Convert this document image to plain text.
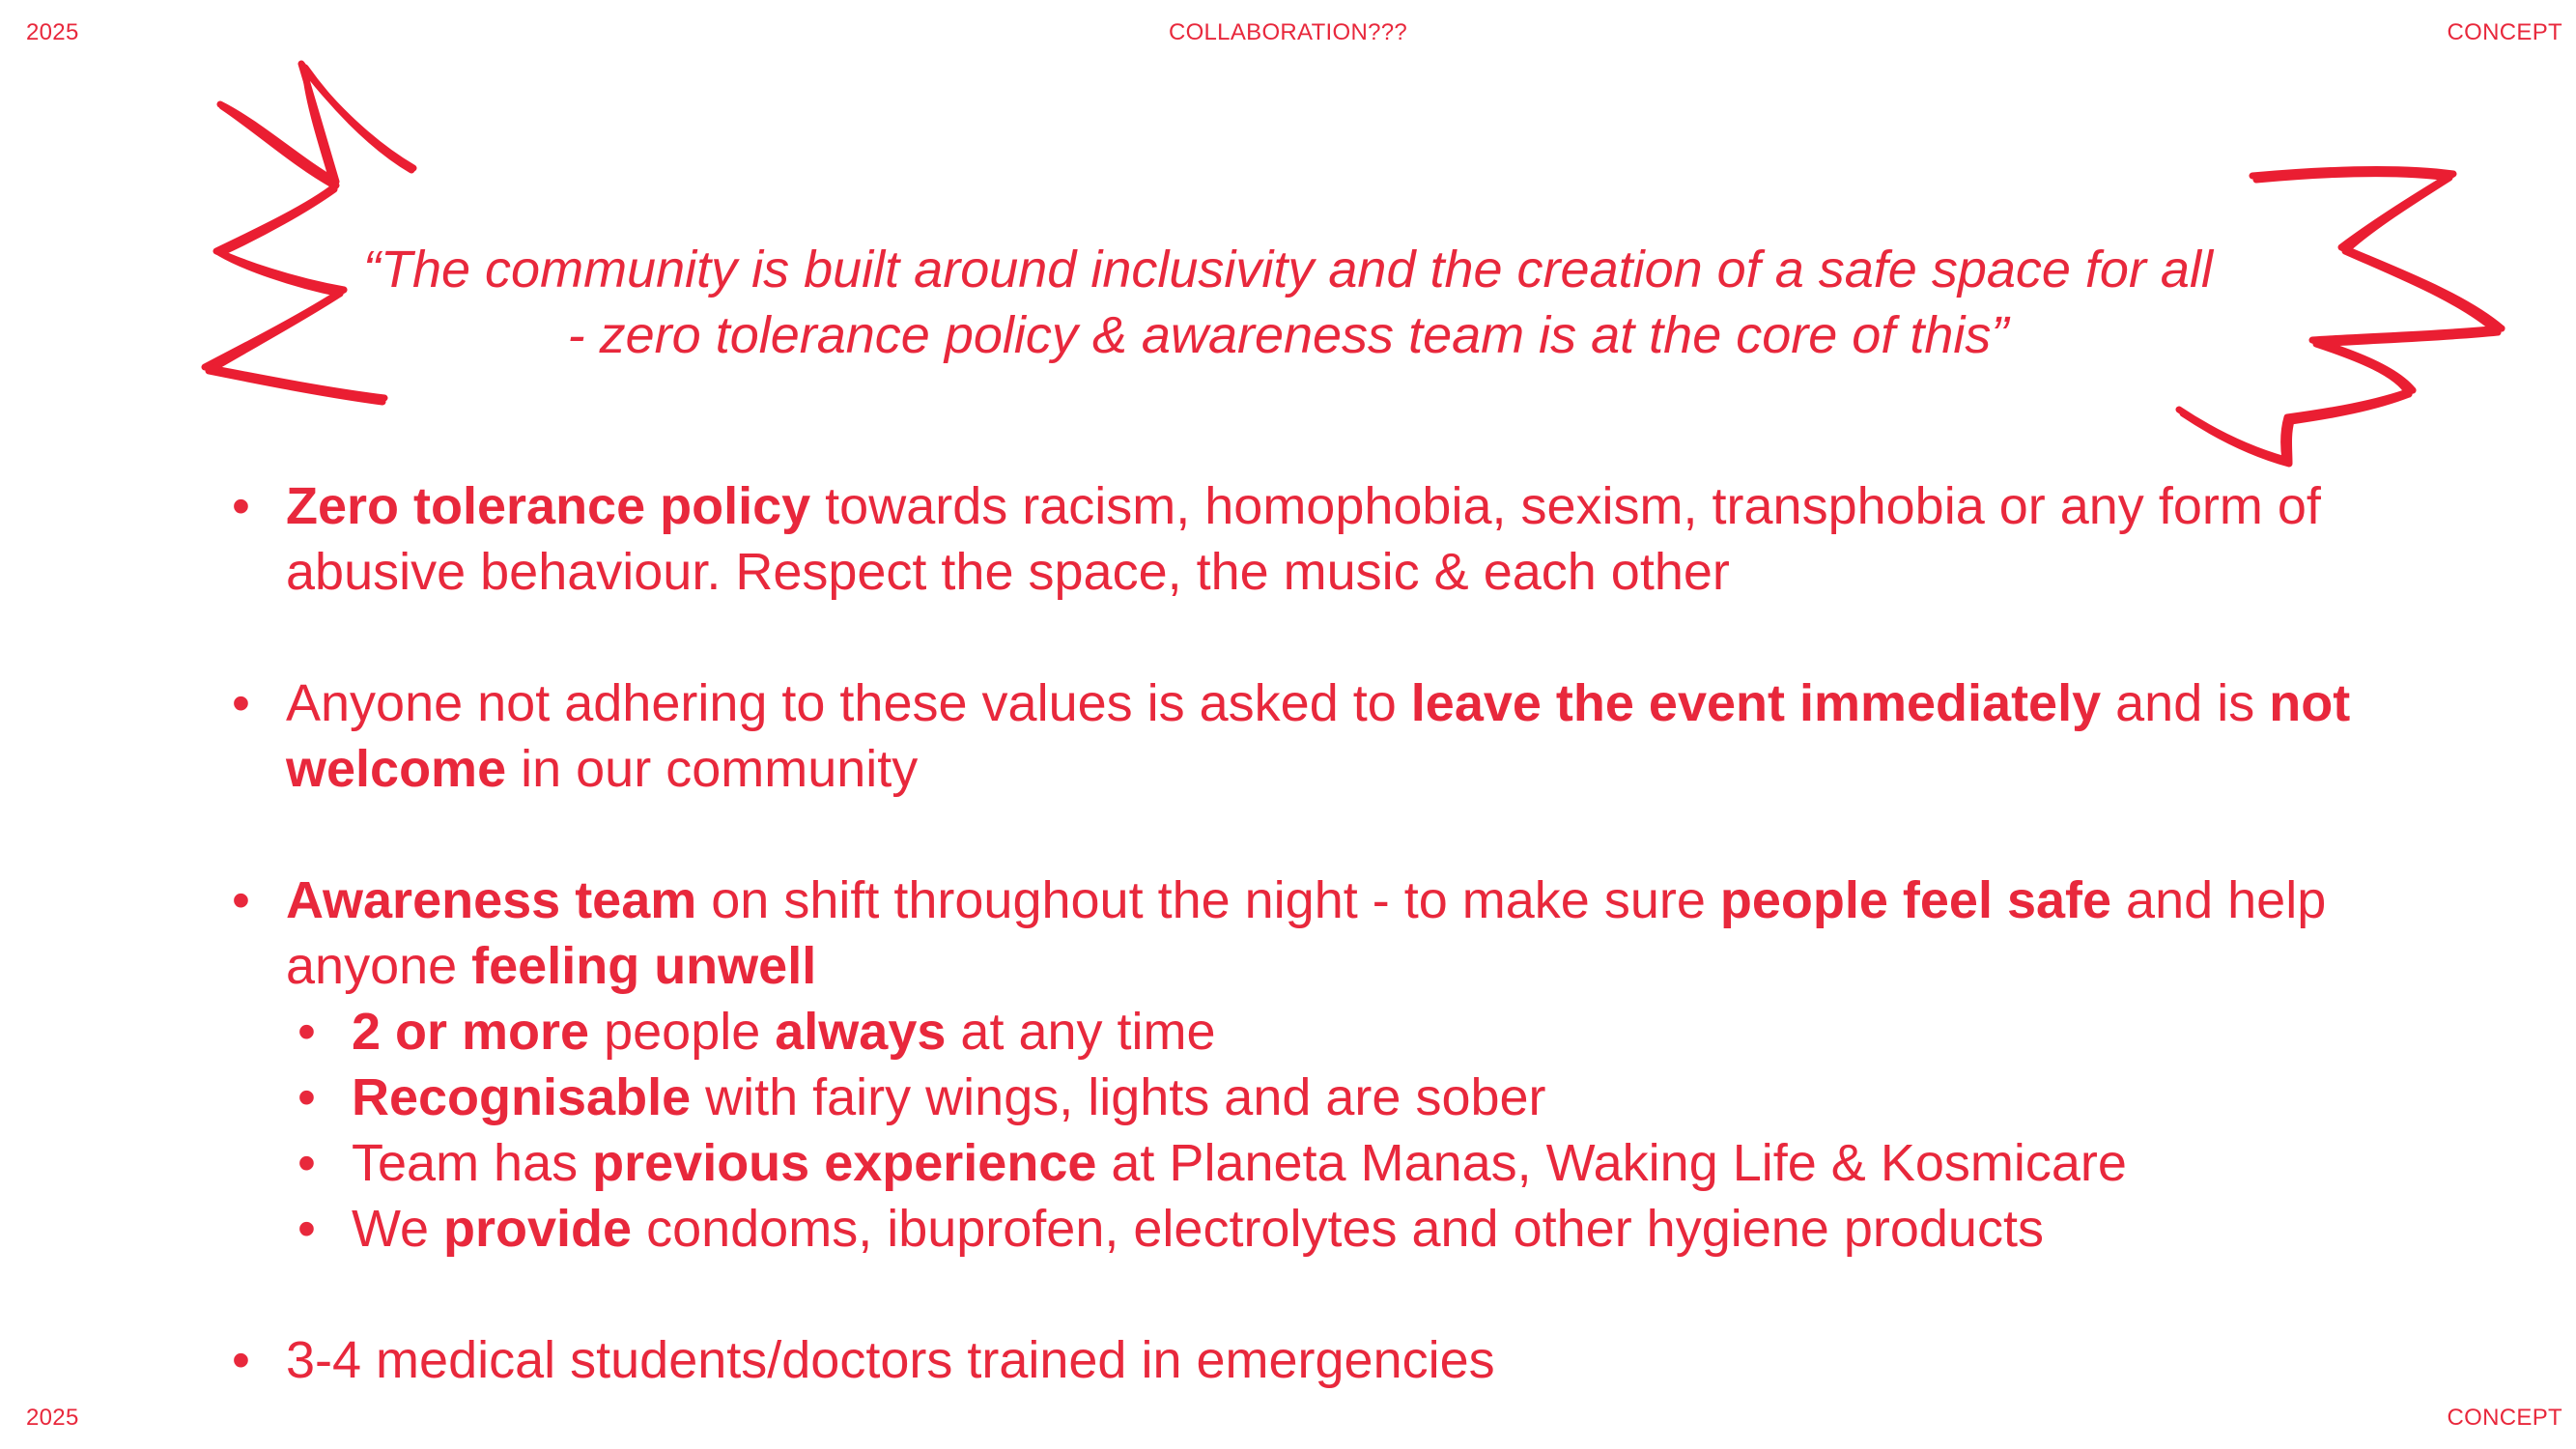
2025	COLLABORATION???	CONCEPT
2025	CONCEPT
“The community is built around inclusivity and the creation of a safe space for all
- zero tolerance policy & awareness team is at the core of this”
• Zero tolerance policy towards racism, homophobia, sexism, transphobia or any form of abusive behaviour. Respect the space, the music & each other
• Anyone not adhering to these values is asked to leave the event immediately and is not welcome in our community
• Awareness team on shift throughout the night - to make sure people feel safe and help anyone feeling unwell
• 2 or more people always at any time
• Recognisable with fairy wings, lights and are sober
• Team has previous experience at Planeta Manas, Waking Life & Kosmicare
• We provide condoms, ibuprofen, electrolytes and other hygiene products
• 3-4 medical students/doctors trained in emergencies
